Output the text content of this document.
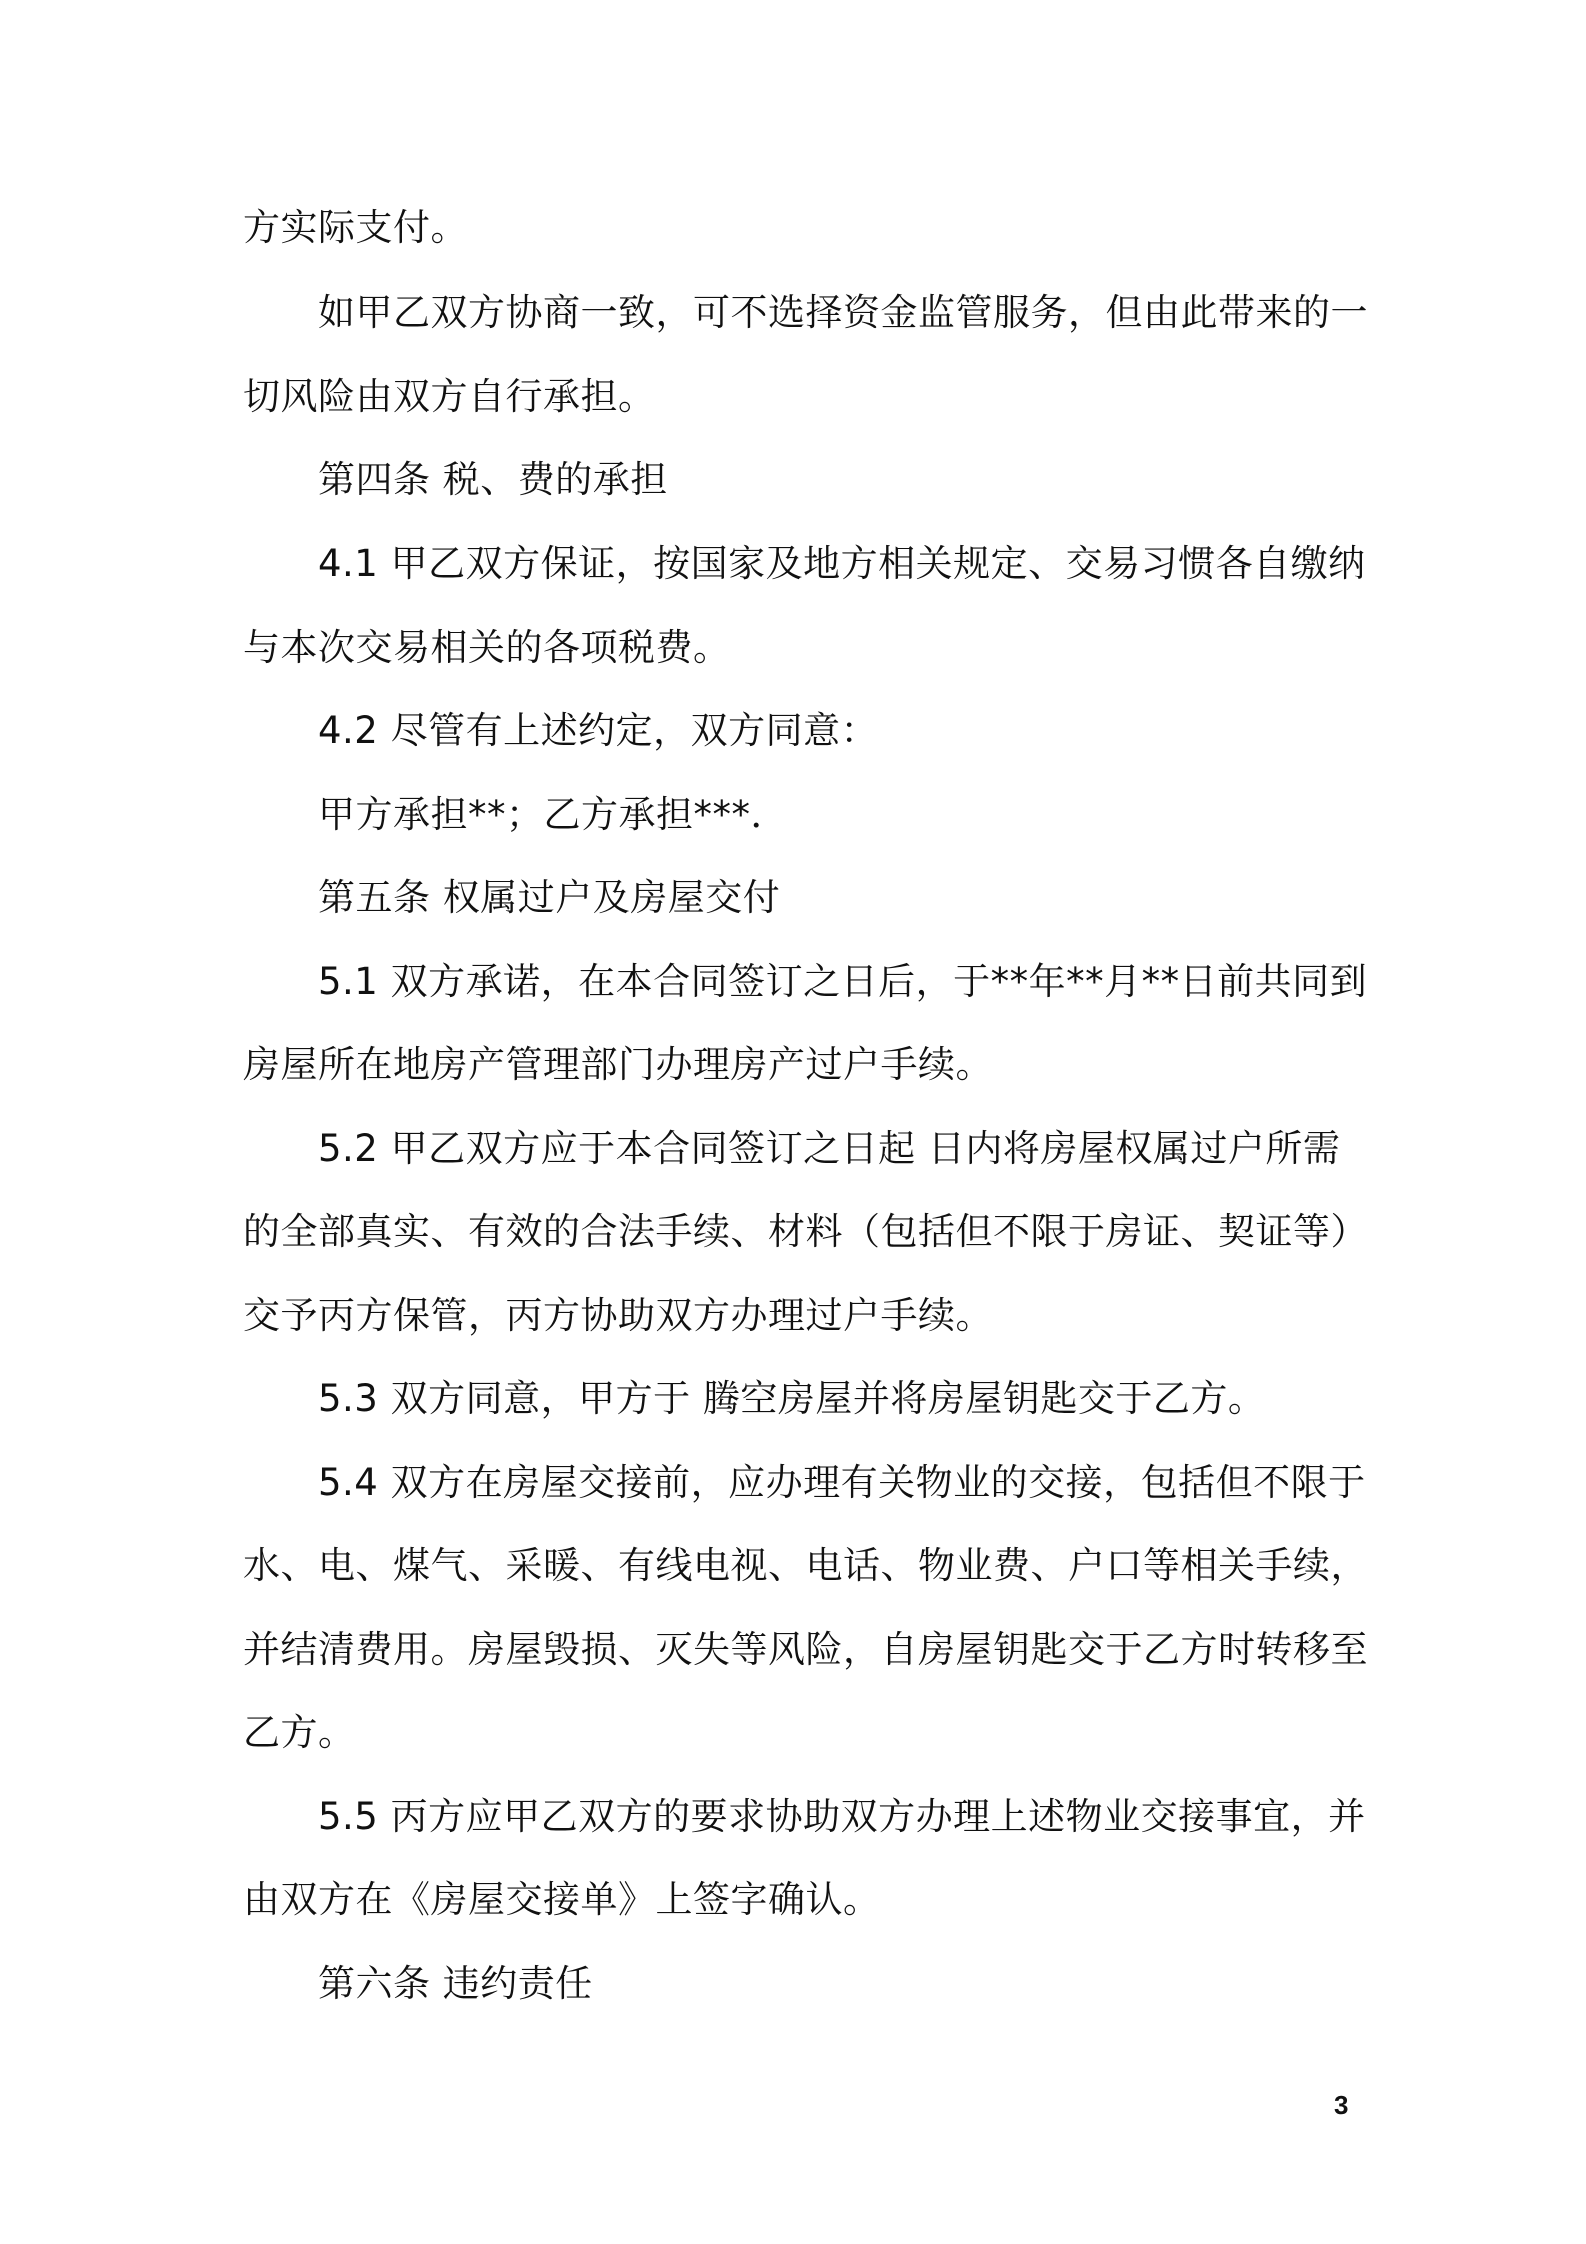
方实际支付。
如甲乙双方协商一致，可不选择资金监管服务，但由此带来的一
切风险由双方自行承担。
第四条 税、费的承担
4.1 甲乙双方保证，按国家及地方相关规定、交易习惯各自缴纳
与本次交易相关的各项税费。
4.2 尽管有上述约定，双方同意：
甲方承担**；乙方承担***．
第五条 权属过户及房屋交付
5.1 双方承诺，在本合同签订之日后，于**年**月**日前共同到
房屋所在地房产管理部门办理房产过户手续。
5.2 甲乙双方应于本合同签订之日起 日内将房屋权属过户所需
的全部真实、有效的合法手续、材料（包括但不限于房证、契证等）
交予丙方保管，丙方协助双方办理过户手续。
5.3 双方同意，甲方于 腾空房屋并将房屋钥匙交于乙方。
5.4 双方在房屋交接前，应办理有关物业的交接，包括但不限于
水、电、煤气、采暖、有线电视、电话、物业费、户口等相关手续，
并结清费用。房屋毁损、灭失等风险，自房屋钥匙交于乙方时转移至
乙方。
5.5 丙方应甲乙双方的要求协助双方办理上述物业交接事宜，并
由双方在《房屋交接单》上签字确认。
第六条 违约责任
3
